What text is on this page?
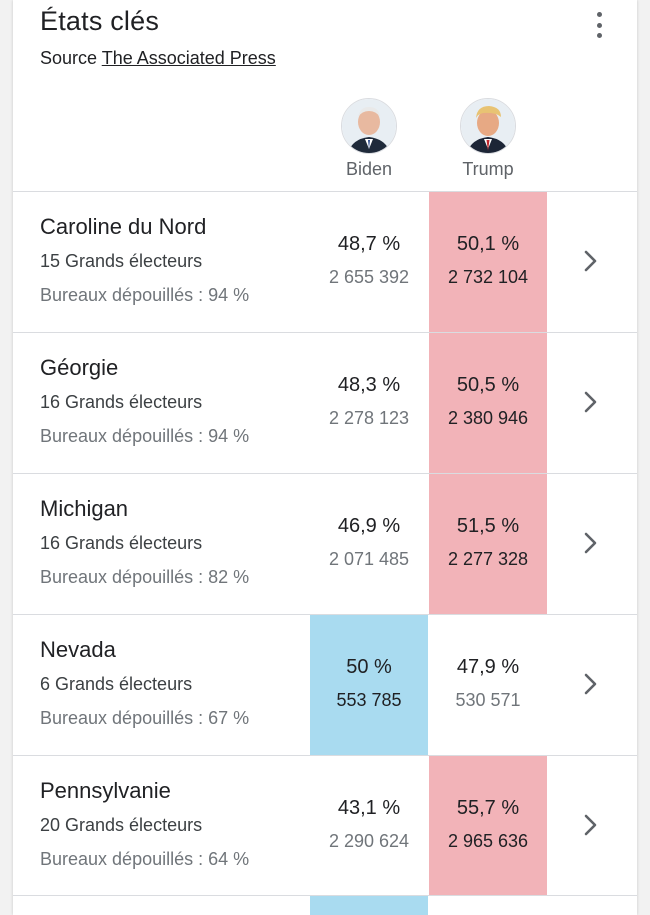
États clés
Source The Associated Press
Biden	Trump
Caroline du Nord
15 Grands électeurs
Bureaux dépouillés : 94 %
48,7 %
2 655 392
50,1 %
2 732 104
Géorgie
16 Grands électeurs
Bureaux dépouillés : 94 %
48,3 %
2 278 123
50,5 %
2 380 946
Michigan
16 Grands électeurs
Bureaux dépouillés : 82 %
46,9 %
2 071 485
51,5 %
2 277 328
Nevada
6 Grands électeurs
Bureaux dépouillés : 67 %
50 %
553 785
47,9 %
530 571
Pennsylvanie
20 Grands électeurs
Bureaux dépouillés : 64 %
43,1 %
2 290 624
55,7 %
2 965 636
